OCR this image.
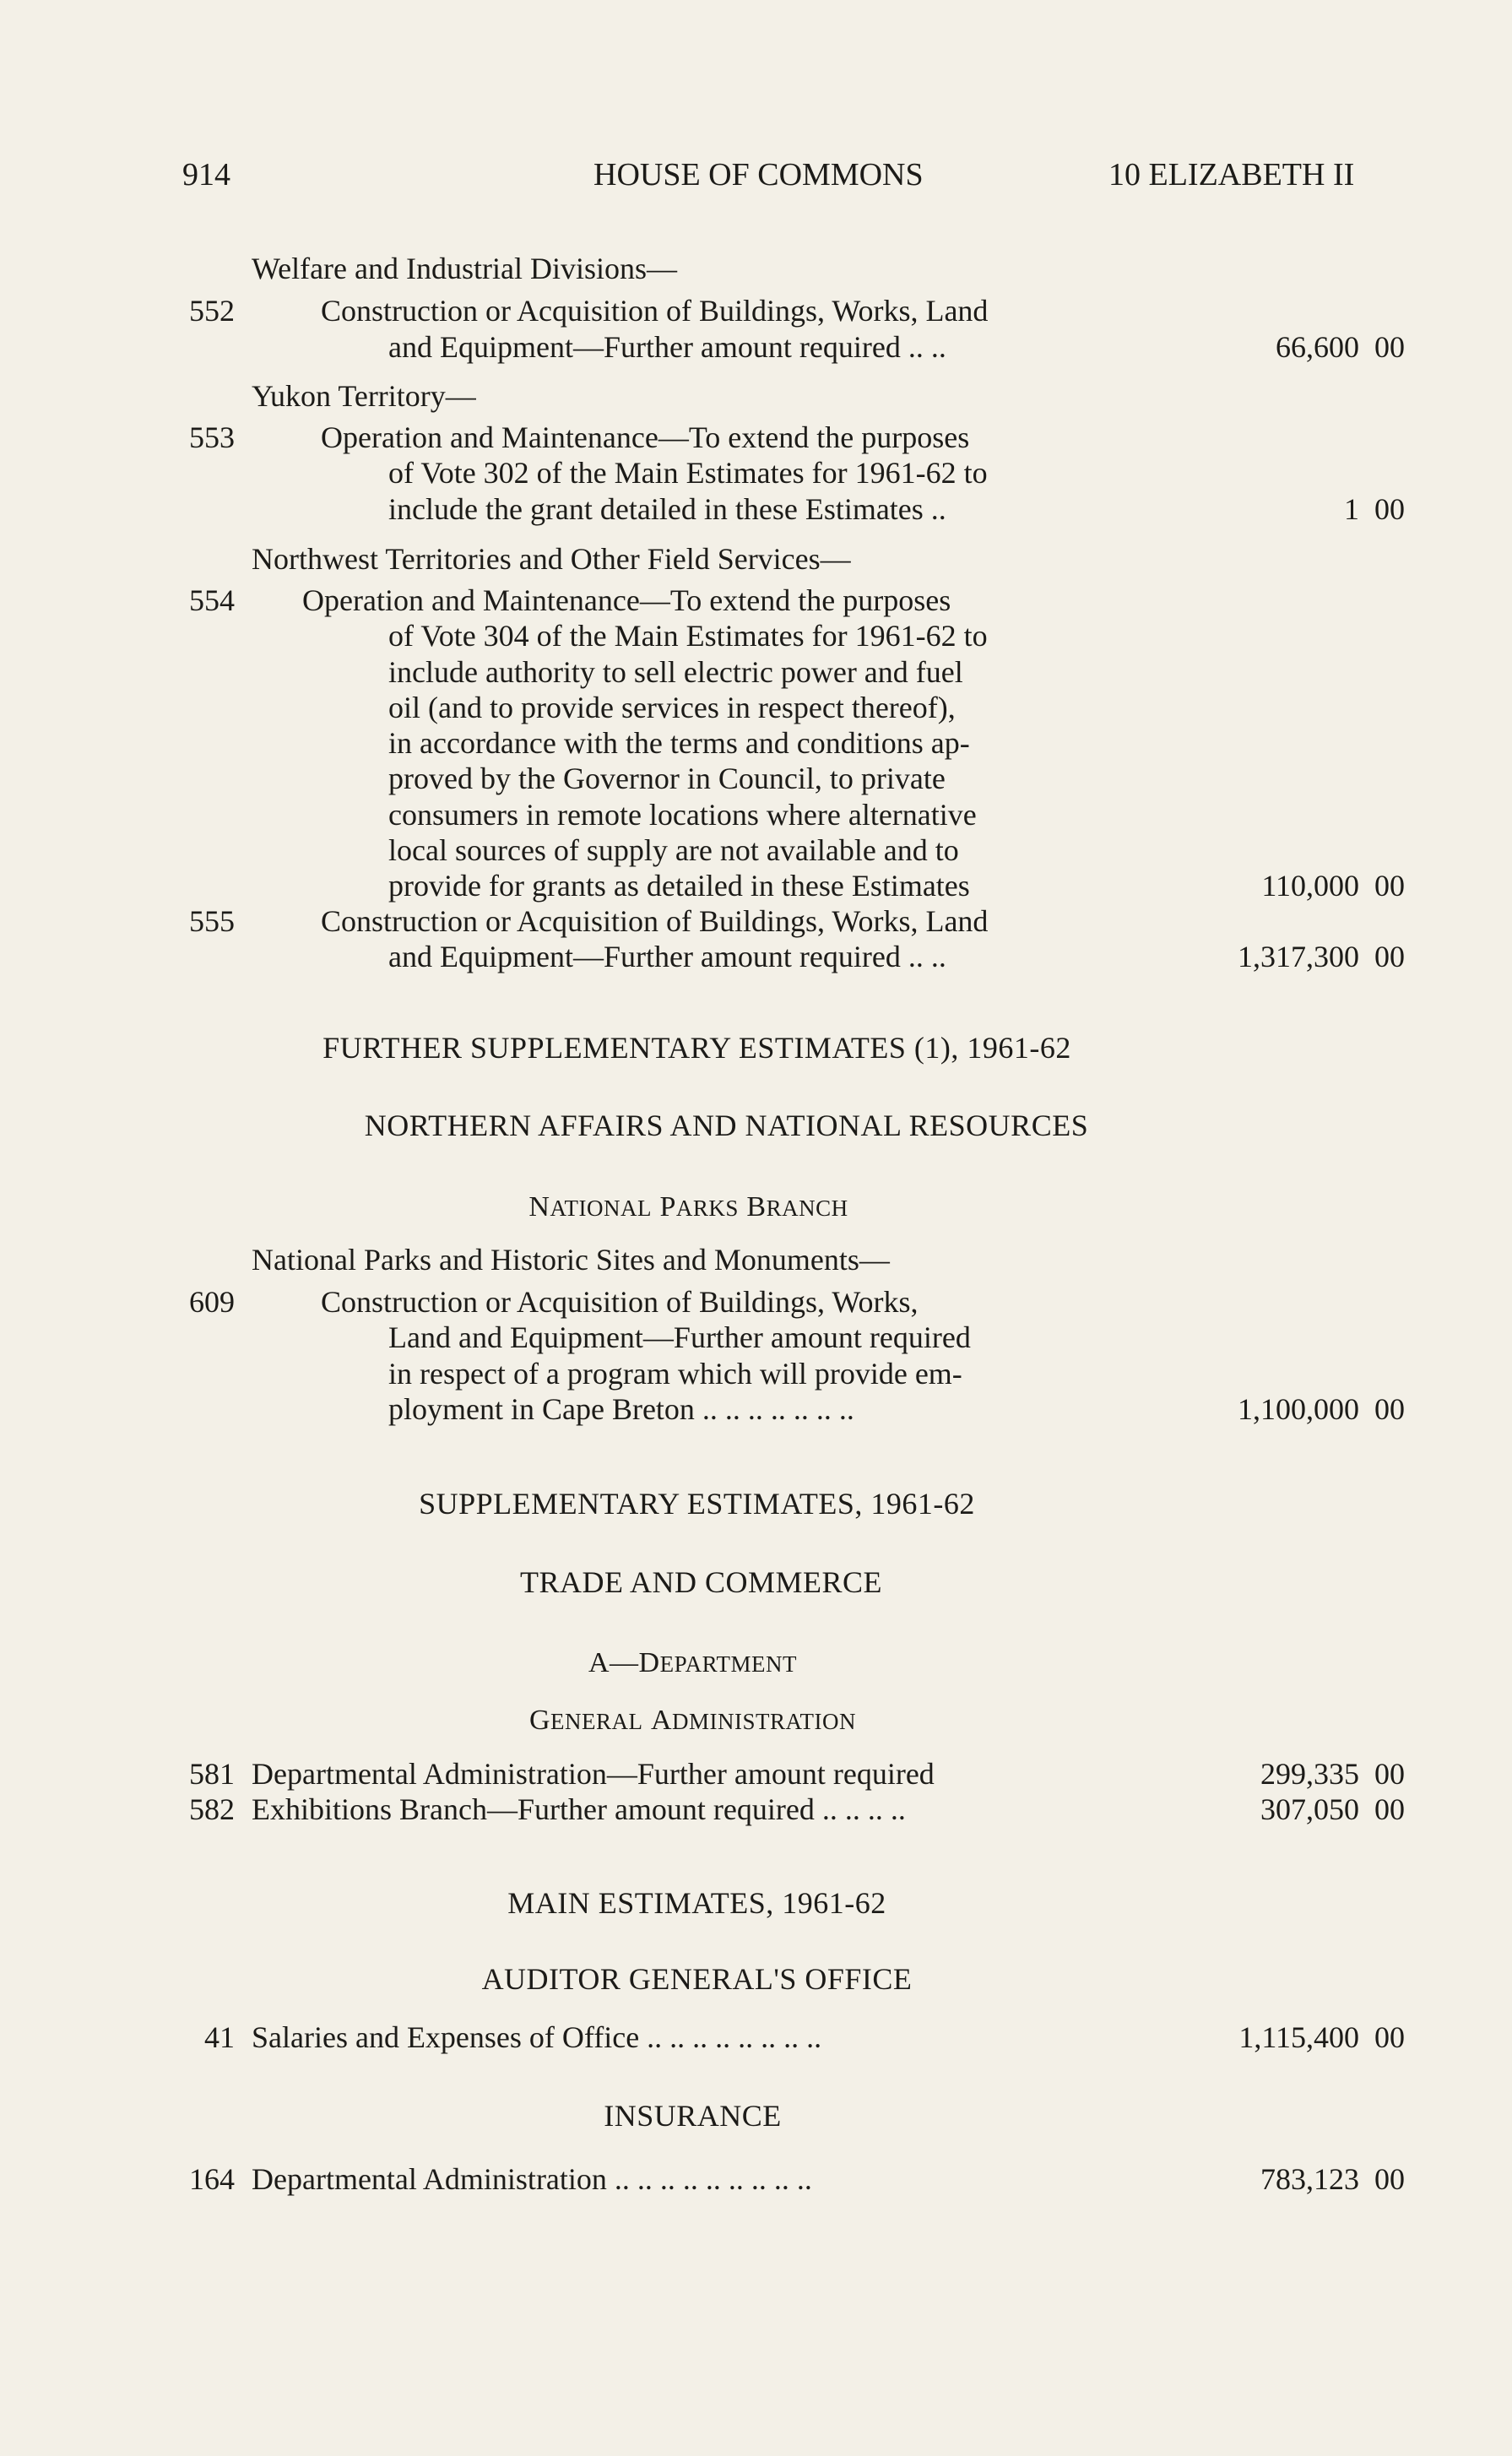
914	HOUSE OF COMMONS	10 ELIZABETH II
Welfare and Industrial Divisions—
552	Construction or Acquisition of Buildings, Works, Land
and Equipment—Further amount required .. ..	66,600 00
Yukon Territory—
553	Operation and Maintenance—To extend the purposes
of Vote 302 of the Main Estimates for 1961-62 to
include the grant detailed in these Estimates ..	1 00
Northwest Territories and Other Field Services—
554 Operation and Maintenance—To extend the purposes
of Vote 304 of the Main Estimates for 1961-62 to
include authority to sell electric power and fuel
oil (and to provide services in respect thereof),
in accordance with the terms and conditions ap-
proved by the Governor in Council, to private
consumers in remote locations where alternative
local sources of supply are not available and to
provide for grants as detailed in these Estimates	110,000 00
555	Construction or Acquisition of Buildings, Works, Land
and Equipment—Further amount required .. ..	1,317,300 00
FURTHER SUPPLEMENTARY ESTIMATES (1), 1961-62
NORTHERN AFFAIRS AND NATIONAL RESOURCES
NATIONAL PARKS BRANCH
National Parks and Historic Sites and Monuments—
609	Construction or Acquisition of Buildings, Works,
Land and Equipment—Further amount required
in respect of a program which will provide em-
ployment in Cape Breton .. .. .. .. .. .. ..	1,100,000 00
SUPPLEMENTARY ESTIMATES, 1961-62
TRADE AND COMMERCE
A—DEPARTMENT
GENERAL ADMINISTRATION
581 Departmental Administration—Further amount required	299,335 00
582 Exhibitions Branch—Further amount required .. .. .. ..	307,050 00
MAIN ESTIMATES, 1961-62
AUDITOR GENERAL'S OFFICE
41 Salaries and Expenses of Office .. .. .. .. .. .. .. ..	1,115,400 00
INSURANCE
164 Departmental Administration .. .. .. .. .. .. .. .. ..	783,123 00
